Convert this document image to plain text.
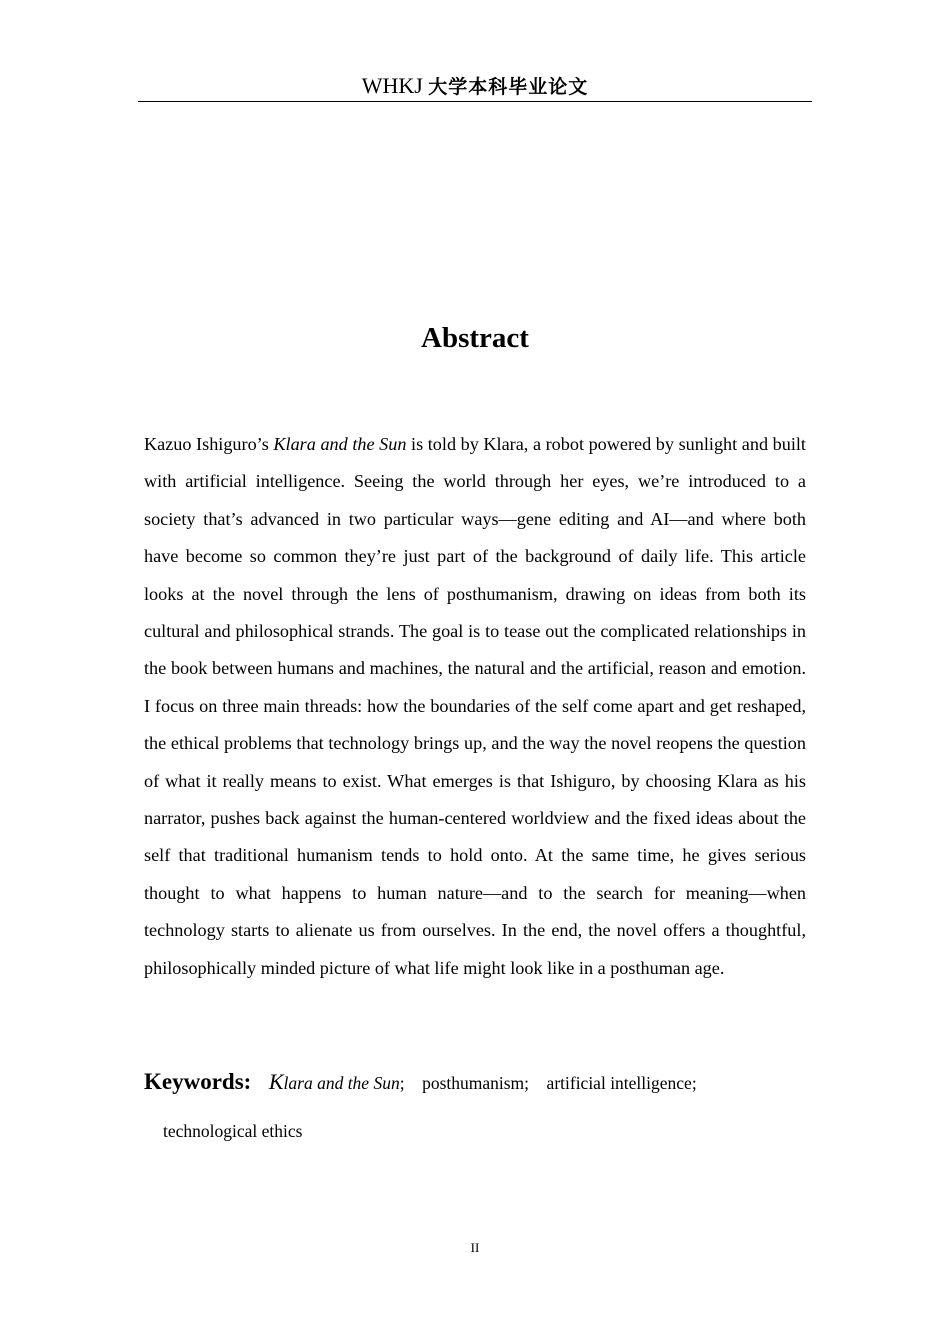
WHKJ 大学本科毕业论文
Abstract

Kazuo Ishiguro’s Klara and the Sun is told by Klara, a robot powered by sunlight and built with artificial intelligence. Seeing the world through her eyes, we’re introduced to a society that’s advanced in two particular ways—gene editing and AI—and where both have become so common they’re just part of the background of daily life. This article looks at the novel through the lens of posthumanism, drawing on ideas from both its cultural and philosophical strands. The goal is to tease out the complicated relationships in the book between humans and machines, the natural and the artificial, reason and emotion. I focus on three main threads: how the boundaries of the self come apart and get reshaped, the ethical problems that technology brings up, and the way the novel reopens the question of what it really means to exist. What emerges is that Ishiguro, by choosing Klara as his narrator, pushes back against the human-centered worldview and the fixed ideas about the self that traditional humanism tends to hold onto. At the same time, he gives serious thought to what happens to human nature—and to the search for meaning—when technology starts to alienate us from ourselves. In the end, the novel offers a thoughtful, philosophically minded picture of what life might look like in a posthuman age.

Keywords: Klara and the Sun; posthumanism; artificial intelligence;
technological ethics
II
